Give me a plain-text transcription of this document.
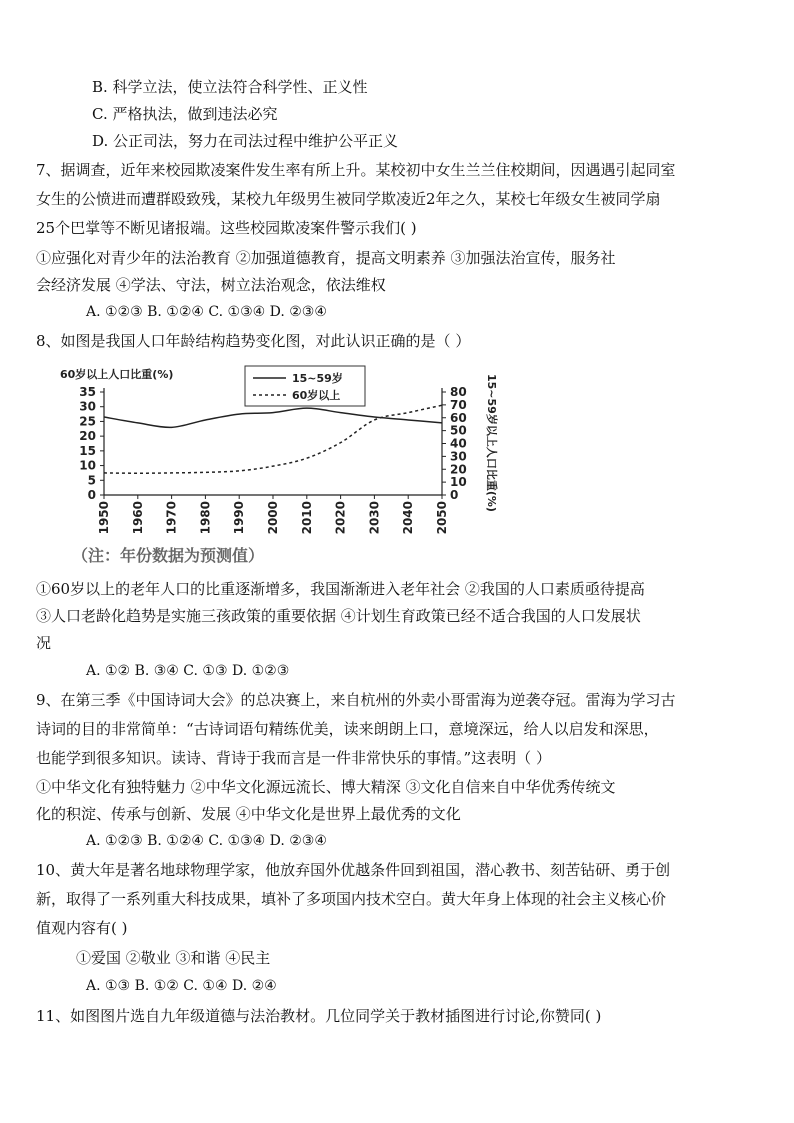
B. 科学立法，使立法符合科学性、正义性
C. 严格执法，做到违法必究
D. 公正司法，努力在司法过程中维护公平正义
7、据调查，近年来校园欺凌案件发生率有所上升。某校初中女生兰兰住校期间，因遇遇引起同室
女生的公愤进而遭群殴致残，某校九年级男生被同学欺凌近2年之久，某校七年级女生被同学扇
25个巴掌等不断见诸报端。这些校园欺凌案件警示我们( )
①应强化对青少年的法治教育 ②加强道德教育，提高文明素养 ③加强法治宣传，服务社
会经济发展 ④学法、守法，树立法治观念，依法维权
A. ①②③ B. ①②④ C. ①③④ D. ②③④
8、如图是我国人口年龄结构趋势变化图，对此认识正确的是（ ）
60岁以上人口比重(%)
0
5
10
15
20
25
30
35
0
10
20
30
40
50
60
70
80
1950 1960 1970 1980 1990 2000 2010 2020 2030 2040 2050
15~59岁
60岁以上	15~59岁以上人口比重(%)
（注：年份数据为预测值）
①60岁以上的老年人口的比重逐渐增多，我国渐渐进入老年社会 ②我国的人口素质亟待提高
③人口老龄化趋势是实施三孩政策的重要依据 ④计划生育政策已经不适合我国的人口发展状
况
A. ①② B. ③④ C. ①③ D. ①②③
9、在第三季《中国诗词大会》的总决赛上，来自杭州的外卖小哥雷海为逆袭夺冠。雷海为学习古
诗词的目的非常简单：“古诗词语句精练优美，读来朗朗上口，意境深远，给人以启发和深思，
也能学到很多知识。读诗、背诗于我而言是一件非常快乐的事情。”这表明（ ）
①中华文化有独特魅力 ②中华文化源远流长、博大精深 ③文化自信来自中华优秀传统文
化的积淀、传承与创新、发展 ④中华文化是世界上最优秀的文化
A. ①②③ B. ①②④ C. ①③④ D. ②③④
10、黄大年是著名地球物理学家，他放弃国外优越条件回到祖国，潜心教书、刻苦钻研、勇于创
新，取得了一系列重大科技成果，填补了多项国内技术空白。黄大年身上体现的社会主义核心价
值观内容有( )
①爱国 ②敬业 ③和谐 ④民主
A. ①③ B. ①② C. ①④ D. ②④
11、如图图片选自九年级道德与法治教材。几位同学关于教材插图进行讨论,你赞同( )
